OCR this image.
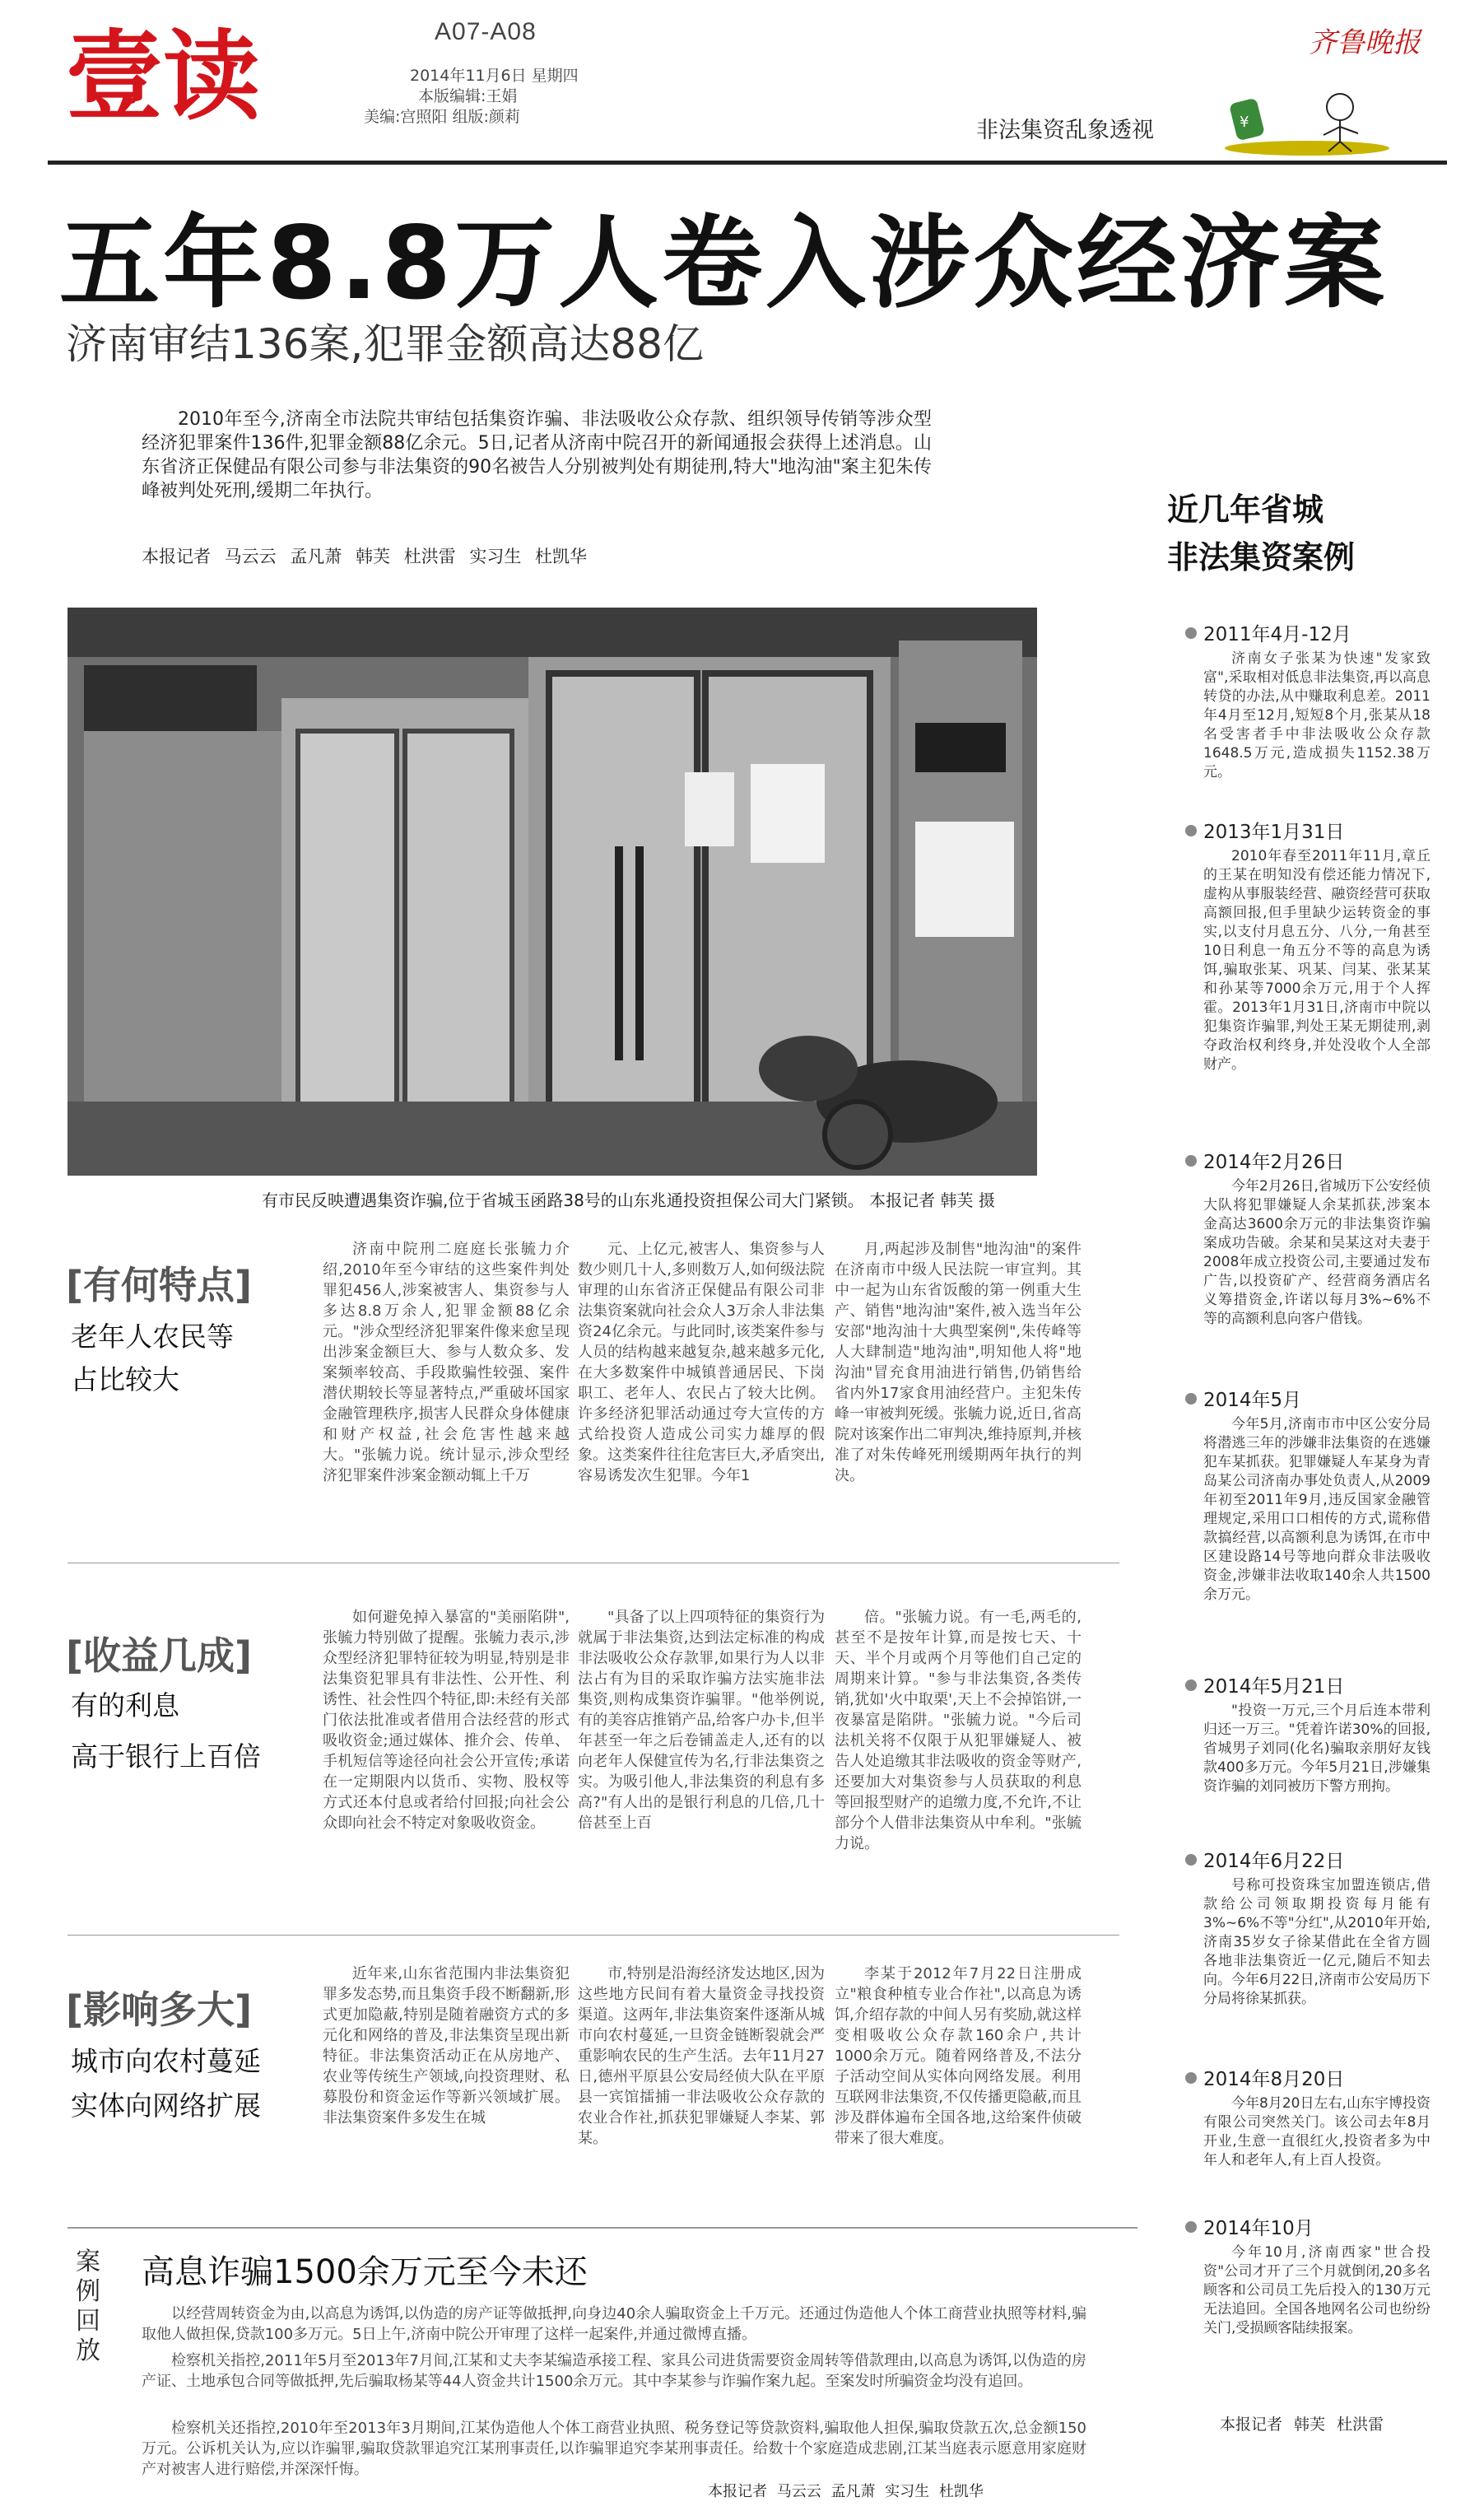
壹读	A07-A08
2014年11月6日 星期四
本版编辑:王娟
美编:宫照阳 组版:颜莉
齐鲁晚报
非法集资乱象透视	¥
五年8.8万人卷入涉众经济案
济南审结136案,犯罪金额高达88亿
2010年至今,济南全市法院共审结包括集资诈骗、非法吸收公众存款、组织领导传销等涉众型经济犯罪案件136件,犯罪金额88亿余元。5日,记者从济南中院召开的新闻通报会获得上述消息。山东省济正保健品有限公司参与非法集资的90名被告人分别被判处有期徒刑,特大"地沟油"案主犯朱传峰被判处死刑,缓期二年执行。
本报记者 马云云 孟凡萧 韩芙 杜洪雷 实习生 杜凯华
有市民反映遭遇集资诈骗,位于省城玉函路38号的山东兆通投资担保公司大门紧锁。 本报记者 韩芙 摄
近几年省城
非法集资案例
2011年4月-12月
济南女子张某为快速"发家致富",采取相对低息非法集资,再以高息转贷的办法,从中赚取利息差。2011年4月至12月,短短8个月,张某从18名受害者手中非法吸收公众存款1648.5万元,造成损失1152.38万元。
2013年1月31日
2010年春至2011年11月,章丘的王某在明知没有偿还能力情况下,虚构从事服装经营、融资经营可获取高额回报,但手里缺少运转资金的事实,以支付月息五分、八分,一角甚至10日利息一角五分不等的高息为诱饵,骗取张某、巩某、闫某、张某某和孙某等7000余万元,用于个人挥霍。2013年1月31日,济南市中院以犯集资诈骗罪,判处王某无期徒刑,剥夺政治权利终身,并处没收个人全部财产。
2014年2月26日
今年2月26日,省城历下公安经侦大队将犯罪嫌疑人余某抓获,涉案本金高达3600余万元的非法集资诈骗案成功告破。余某和吴某这对夫妻于2008年成立投资公司,主要通过发布广告,以投资矿产、经营商务酒店名义筹措资金,许诺以每月3%~6%不等的高额利息向客户借钱。
2014年5月
今年5月,济南市市中区公安分局将潜逃三年的涉嫌非法集资的在逃嫌犯车某抓获。犯罪嫌疑人车某身为青岛某公司济南办事处负责人,从2009年初至2011年9月,违反国家金融管理规定,采用口口相传的方式,谎称借款搞经营,以高额利息为诱饵,在市中区建设路14号等地向群众非法吸收资金,涉嫌非法收取140余人共1500余万元。
2014年5月21日
"投资一万元,三个月后连本带利归还一万三。"凭着许诺30%的回报,省城男子刘同(化名)骗取亲朋好友钱款400多万元。今年5月21日,涉嫌集资诈骗的刘同被历下警方刑拘。
2014年6月22日
号称可投资珠宝加盟连锁店,借款给公司领取期投资每月能有3%~6%不等"分红",从2010年开始,济南35岁女子徐某借此在全省方圆各地非法集资近一亿元,随后不知去向。今年6月22日,济南市公安局历下分局将徐某抓获。
2014年8月20日
今年8月20日左右,山东宇博投资有限公司突然关门。该公司去年8月开业,生意一直很红火,投资者多为中年人和老年人,有上百人投资。
2014年10月
今年10月,济南西家"世合投资"公司才开了三个月就倒闭,20多名顾客和公司员工先后投入的130万元无法追回。全国各地网名公司也纷纷关门,受损顾客陆续报案。
本报记者 韩芙 杜洪雷
[有何特点]
老年人农民等
占比较大
济南中院刑二庭庭长张毓力介绍,2010年至今审结的这些案件判处罪犯456人,涉案被害人、集资参与人多达8.8万余人,犯罪金额88亿余元。"涉众型经济犯罪案件像来愈呈现出涉案金额巨大、参与人数众多、发案频率较高、手段欺骗性较强、案件潜伏期较长等显著特点,严重破坏国家金融管理秩序,损害人民群众身体健康和财产权益,社会危害性越来越大。"张毓力说。统计显示,涉众型经济犯罪案件涉案金额动辄上千万
元、上亿元,被害人、集资参与人数少则几十人,多则数万人,如何级法院审理的山东省济正保健品有限公司非法集资案就向社会众人3万余人非法集资24亿余元。与此同时,该类案件参与人员的结构越来越复杂,越来越多元化,在大多数案件中城镇普通居民、下岗职工、老年人、农民占了较大比例。许多经济犯罪活动通过夸大宣传的方式给投资人造成公司实力雄厚的假象。这类案件往往危害巨大,矛盾突出,容易诱发次生犯罪。今年1
月,两起涉及制售"地沟油"的案件在济南市中级人民法院一审宣判。其中一起为山东省饭酸的第一例重大生产、销售"地沟油"案件,被入选当年公安部"地沟油十大典型案例",朱传峰等人大肆制造"地沟油",明知他人将"地沟油"冒充食用油进行销售,仍销售给省内外17家食用油经营户。主犯朱传峰一审被判死缓。张毓力说,近日,省高院对该案作出二审判决,维持原判,并核准了对朱传峰死刑缓期两年执行的判决。
[收益几成]
有的利息
高于银行上百倍
如何避免掉入暴富的"美丽陷阱",张毓力特别做了提醒。张毓力表示,涉众型经济犯罪特征较为明显,特别是非法集资犯罪具有非法性、公开性、利诱性、社会性四个特征,即:未经有关部门依法批准或者借用合法经营的形式吸收资金;通过媒体、推介会、传单、手机短信等途径向社会公开宣传;承诺在一定期限内以货币、实物、股权等方式还本付息或者给付回报;向社会公众即向社会不特定对象吸收资金。
"具备了以上四项特征的集资行为就属于非法集资,达到法定标准的构成非法吸收公众存款罪,如果行为人以非法占有为目的采取诈骗方法实施非法集资,则构成集资诈骗罪。"他举例说,有的美容店推销产品,给客户办卡,但半年甚至一年之后卷铺盖走人,还有的以向老年人保健宣传为名,行非法集资之实。为吸引他人,非法集资的利息有多高?"有人出的是银行利息的几倍,几十倍甚至上百
倍。"张毓力说。有一毛,两毛的,甚至不是按年计算,而是按七天、十天、半个月或两个月等他们自己定的周期来计算。"参与非法集资,各类传销,犹如'火中取栗',天上不会掉馅饼,一夜暴富是陷阱。"张毓力说。"今后司法机关将不仅限于从犯罪嫌疑人、被告人处追缴其非法吸收的资金等财产,还要加大对集资参与人员获取的利息等回报型财产的追缴力度,不允许,不让部分个人借非法集资从中牟利。"张毓力说。
[影响多大]
城市向农村蔓延
实体向网络扩展
近年来,山东省范围内非法集资犯罪多发态势,而且集资手段不断翻新,形式更加隐蔽,特别是随着融资方式的多元化和网络的普及,非法集资呈现出新特征。非法集资活动正在从房地产、农业等传统生产领域,向投资理财、私募股份和资金运作等新兴领域扩展。非法集资案件多发生在城
市,特别是沿海经济发达地区,因为这些地方民间有着大量资金寻找投资渠道。这两年,非法集资案件逐渐从城市向农村蔓延,一旦资金链断裂就会严重影响农民的生产生活。去年11月27日,德州平原县公安局经侦大队在平原县一宾馆擂捕一非法吸收公众存款的农业合作社,抓获犯罪嫌疑人李某、郭某。
李某于2012年7月22日注册成立"粮食种植专业合作社",以高息为诱饵,介绍存款的中间人另有奖励,就这样变相吸收公众存款160余户,共计1000余万元。随着网络普及,不法分子活动空间从实体向网络发展。利用互联网非法集资,不仅传播更隐蔽,而且涉及群体遍布全国各地,这给案件侦破带来了很大难度。
案例回放
高息诈骗1500余万元至今未还
以经营周转资金为由,以高息为诱饵,以伪造的房产证等做抵押,向身边40余人骗取资金上千万元。还通过伪造他人个体工商营业执照等材料,骗取他人做担保,贷款100多万元。5日上午,济南中院公开审理了这样一起案件,并通过微博直播。
检察机关指控,2011年5月至2013年7月间,江某和丈夫李某编造承接工程、家具公司进货需要资金周转等借款理由,以高息为诱饵,以伪造的房产证、土地承包合同等做抵押,先后骗取杨某等44人资金共计1500余万元。其中李某参与诈骗作案九起。至案发时所骗资金均没有追回。
检察机关还指控,2010年至2013年3月期间,江某伪造他人个体工商营业执照、税务登记等贷款资料,骗取他人担保,骗取贷款五次,总金额150万元。公诉机关认为,应以诈骗罪,骗取贷款罪追究江某刑事责任,以诈骗罪追究李某刑事责任。给数十个家庭造成悲剧,江某当庭表示愿意用家庭财产对被害人进行赔偿,并深深忏悔。
本报记者 马云云 孟凡萧 实习生 杜凯华
